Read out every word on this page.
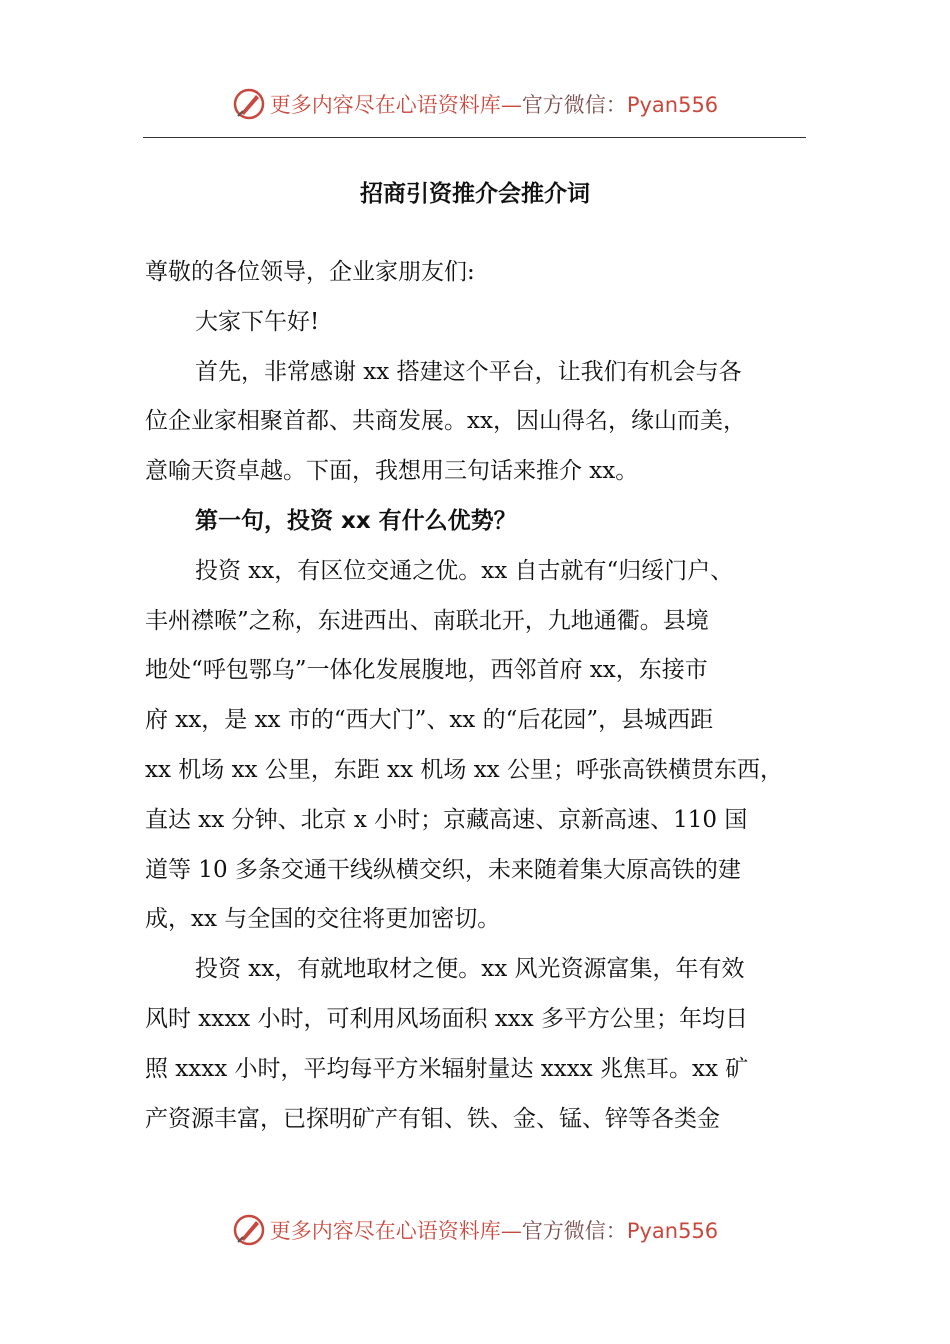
更多内容尽在心语资料库—官方微信：Pyan556
招商引资推介会推介词
尊敬的各位领导，企业家朋友们:
大家下午好!
首先，非常感谢 xx 搭建这个平台，让我们有机会与各
位企业家相聚首都、共商发展。xx，因山得名，缘山而美，
意喻天资卓越。下面，我想用三句话来推介 xx。
第一句，投资 xx 有什么优势？
投资 xx，有区位交通之优。xx 自古就有“归绥门户、
丰州襟喉”之称，东进西出、南联北开，九地通衢。县境
地处“呼包鄂乌”一体化发展腹地，西邻首府 xx，东接市
府 xx，是 xx 市的“西大门”、xx 的“后花园”，县城西距
xx 机场 xx 公里，东距 xx 机场 xx 公里；呼张高铁横贯东西，
直达 xx 分钟、北京 x 小时；京藏高速、京新高速、110 国
道等 10 多条交通干线纵横交织，未来随着集大原高铁的建
成，xx 与全国的交往将更加密切。
投资 xx，有就地取材之便。xx 风光资源富集，年有效
风时 xxxx 小时，可利用风场面积 xxx 多平方公里；年均日
照 xxxx 小时，平均每平方米辐射量达 xxxx 兆焦耳。xx 矿
产资源丰富，已探明矿产有钼、铁、金、锰、锌等各类金
更多内容尽在心语资料库—官方微信：Pyan556
